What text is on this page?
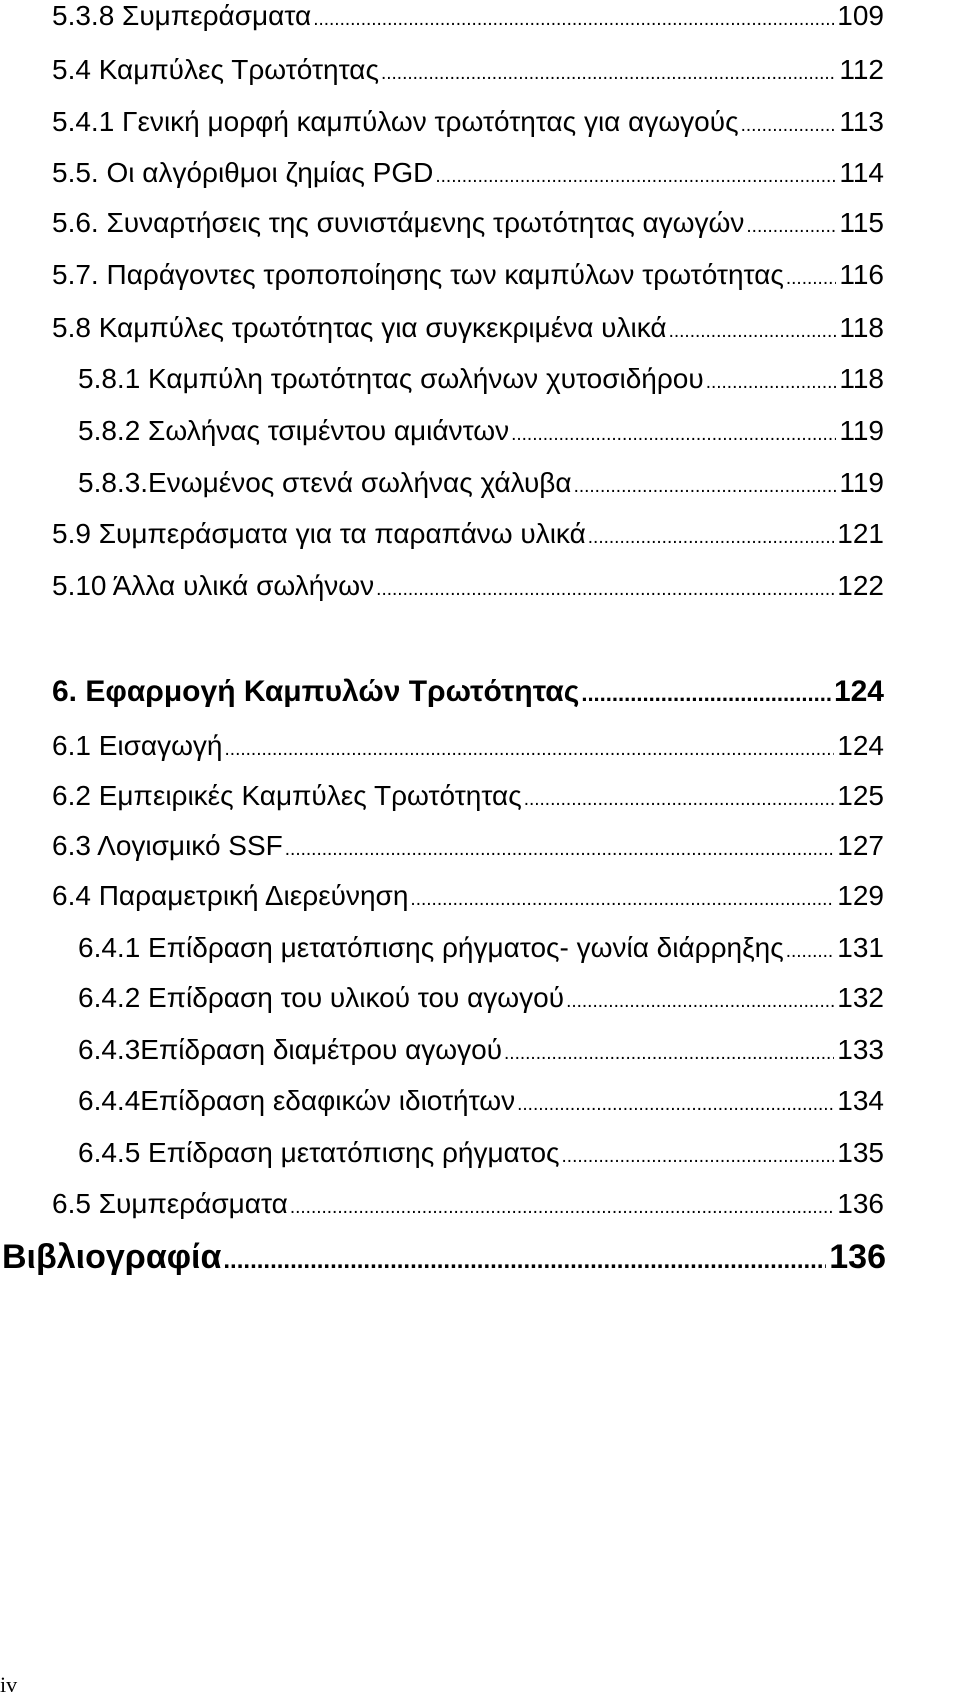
5.3.8 Συμπεράσματα .....	109
5.4 Καμπύλες Τρωτότητας .....	112
5.4.1 Γενική μορφή καμπύλων τρωτότητας για αγωγούς .....	113
5.5. Οι αλγόριθμοι ζημίας PGD .....	114
5.6. Συναρτήσεις της συνιστάμενης τρωτότητας αγωγών .....	115
5.7. Παράγοντες τροποποίησης των καμπύλων τρωτότητας ..... 116
5.8 Καμπύλες τρωτότητας για συγκεκριμένα υλικά .....	118
5.8.1 Καμπύλη τρωτότητας σωλήνων χυτοσιδήρου .....	118
5.8.2 Σωλήνας τσιμέντου αμιάντων .....	119
5.8.3.Ενωμένος στενά σωλήνας χάλυβα .....	119
5.9 Συμπεράσματα για τα παραπάνω υλικά .....	121
5.10 Άλλα υλικά σωλήνων .....	122
6. Εφαρμογή Καμπυλών Τρωτότητας .....	124
6.1 Εισαγωγή .....	124
6.2 Εμπειρικές Καμπύλες Τρωτότητας .....	125
6.3 Λογισμικό SSF .....	127
6.4 Παραμετρική Διερεύνηση .....	129
6.4.1 Επίδραση μετατόπισης ρήγματος- γωνία διάρρηξης ..... 131
6.4.2 Επίδραση του υλικού του αγωγού .....	132
6.4.3Επίδραση διαμέτρου αγωγού .....	133
6.4.4Επίδραση εδαφικών ιδιοτήτων .....	134
6.4.5 Επίδραση μετατόπισης ρήγματος .....	135
6.5 Συμπεράσματα .....	136
Βιβλιογραφία .....	136
iv
